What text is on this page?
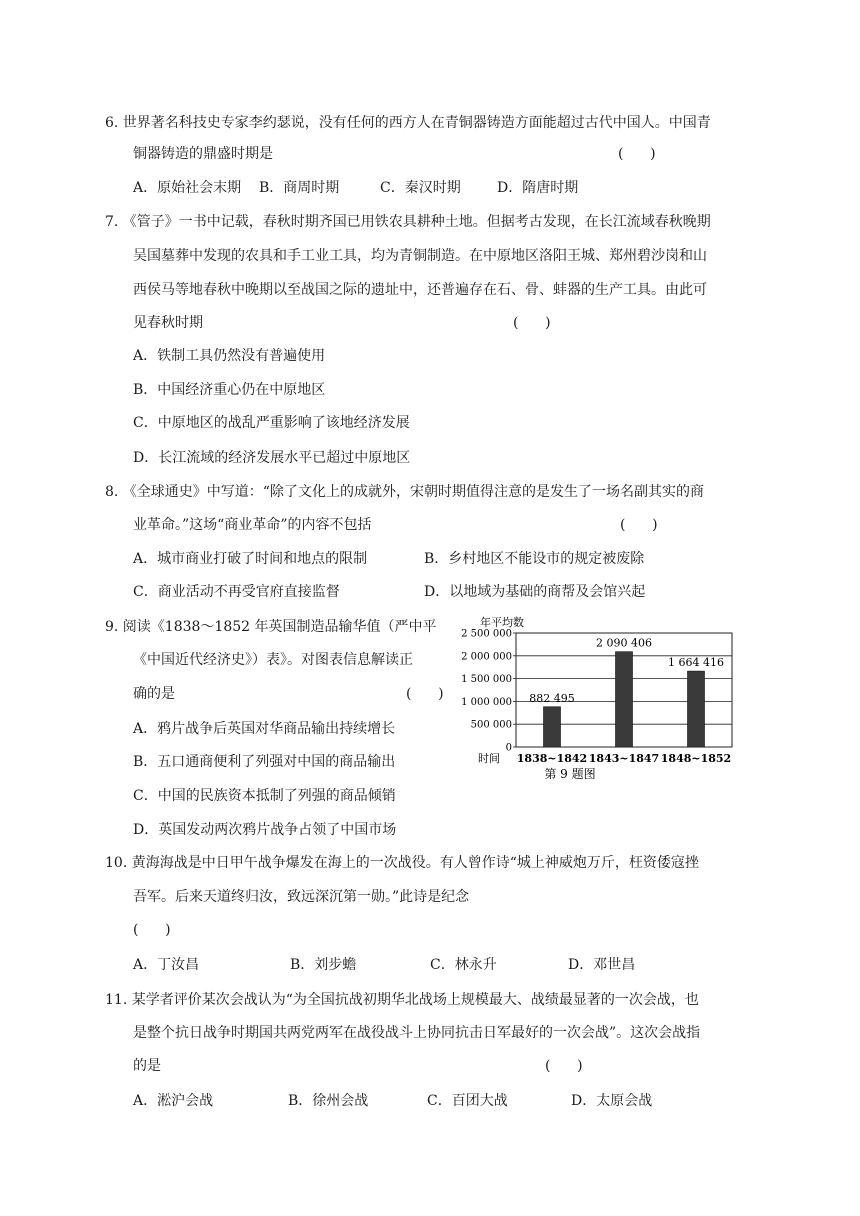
6. 世界著名科技史专家李约瑟说，没有任何的西方人在青铜器铸造方面能超过古代中国人。中国青
铜器铸造的鼎盛时期是	(      )
A．原始社会末期 B．商周时期	C．秦汉时期	D．隋唐时期
7. 《管子》一书中记载，春秋时期齐国已用铁农具耕种土地。但据考古发现，在长江流域春秋晚期
吴国墓葬中发现的农具和手工业工具，均为青铜制造。在中原地区洛阳王城、郑州碧沙岗和山
西侯马等地春秋中晚期以至战国之际的遗址中，还普遍存在石、骨、蚌器的生产工具。由此可
见春秋时期	(      )
A．铁制工具仍然没有普遍使用
B．中国经济重心仍在中原地区
C．中原地区的战乱严重影响了该地经济发展
D．长江流域的经济发展水平已超过中原地区
8. 《全球通史》中写道：“除了文化上的成就外，宋朝时期值得注意的是发生了一场名副其实的商
业革命。”这场“商业革命”的内容不包括	(      )
A．城市商业打破了时间和地点的限制	B．乡村地区不能设市的规定被废除
C．商业活动不再受官府直接监督	D．以地域为基础的商帮及会馆兴起
9. 阅读《1838～1852 年英国制造品输华值（严中平
《中国近代经济史》）表》。对图表信息解读正
确的是	(      )
A．鸦片战争后英国对华商品输出持续增长
B．五口通商便利了列强对中国的商品输出
C．中国的民族资本抵制了列强的商品倾销
D．英国发动两次鸦片战争占领了中国市场
0
500 000
1 000 000
1 500 000
2 000 000
2 500 000
年平均数
882 495
1838~1842
2 090 406
1843~1847
1 664 416
1848~1852
时间
第 9 题图
10. 黄海海战是中日甲午战争爆发在海上的一次战役。有人曾作诗“城上神威炮万斤，枉资倭寇挫
吾军。后来天道终归汝，致远深沉第一勋。”此诗是纪念
(      )
A．丁汝昌	B．刘步蟾	C．林永升	D．邓世昌
11. 某学者评价某次会战认为“为全国抗战初期华北战场上规模最大、战绩最显著的一次会战，也
是整个抗日战争时期国共两党两军在战役战斗上协同抗击日军最好的一次会战”。这次会战指
的是	(      )
A．淞沪会战	B．徐州会战	C．百团大战	D．太原会战
